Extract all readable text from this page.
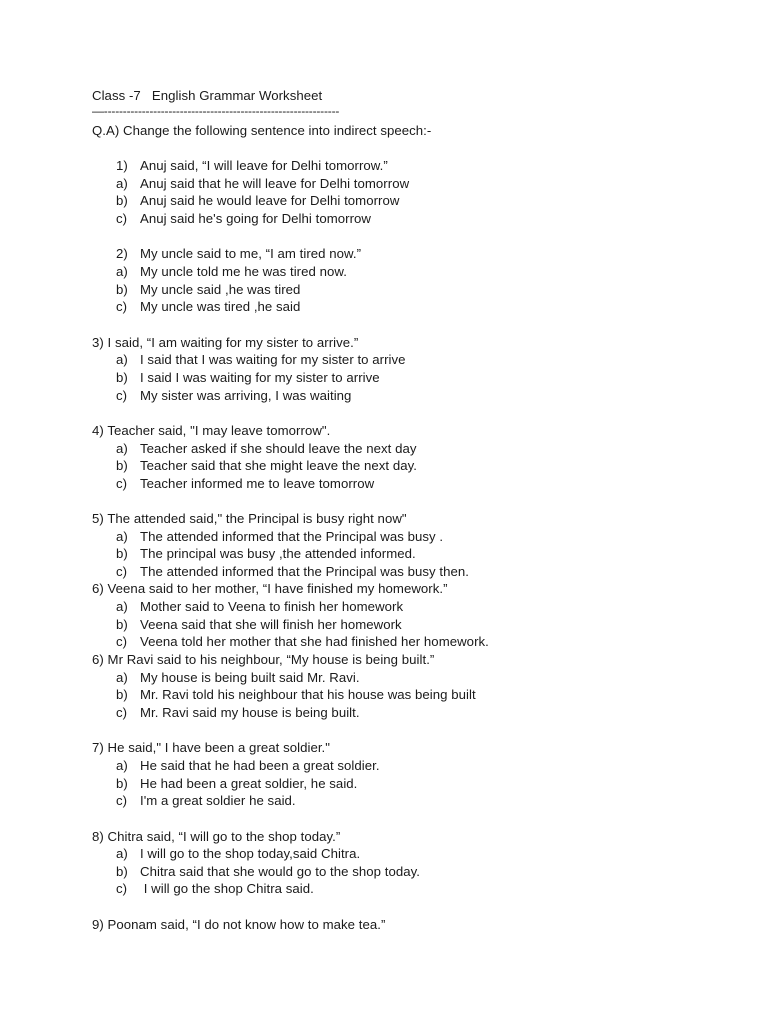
Class -7   English Grammar Worksheet
—--------------------------------------------------------------
Q.A) Change the following sentence into indirect speech:-
1) Anuj said, “I will leave for Delhi tomorrow.”
a) Anuj said that he will leave for Delhi tomorrow
b) Anuj said he would leave for Delhi tomorrow
c) Anuj said he's going for Delhi tomorrow
2) My uncle said to me, “I am tired now.”
a) My uncle told me he was tired now.
b) My uncle said ,he was tired
c) My uncle was tired ,he said
3) I said, “I am waiting for my sister to arrive.”
a) I said that I was waiting for my sister to arrive
b) I said I was waiting for my sister to arrive
c) My sister was arriving, I was waiting
4) Teacher said, "I may leave tomorrow".
a) Teacher asked if she should leave the next day
b) Teacher said that she might leave the next day.
c) Teacher informed me to leave tomorrow
5) The attended said," the Principal is busy right now"
a) The attended informed that the Principal was busy .
b) The principal was busy ,the attended informed.
c) The attended informed that the Principal was busy then.
6) Veena said to her mother, “I have finished my homework.”
a) Mother said to Veena to finish her homework
b) Veena said that she will finish her homework
c) Veena told her mother that she had finished her homework.
6) Mr Ravi said to his neighbour, “My house is being built.”
a) My house is being built said Mr. Ravi.
b) Mr. Ravi told his neighbour that his house was being built
c) Mr. Ravi said my house is being built.
7) He said," I have been a great soldier."
a) He said that he had been a great soldier.
b) He had been a great soldier, he said.
c) I'm a great soldier he said.
8) Chitra said, “I will go to the shop today.”
a) I will go to the shop today,said Chitra.
b) Chitra said that she would go to the shop today.
c) I will go the shop Chitra said.
9) Poonam said, “I do not know how to make tea.”
